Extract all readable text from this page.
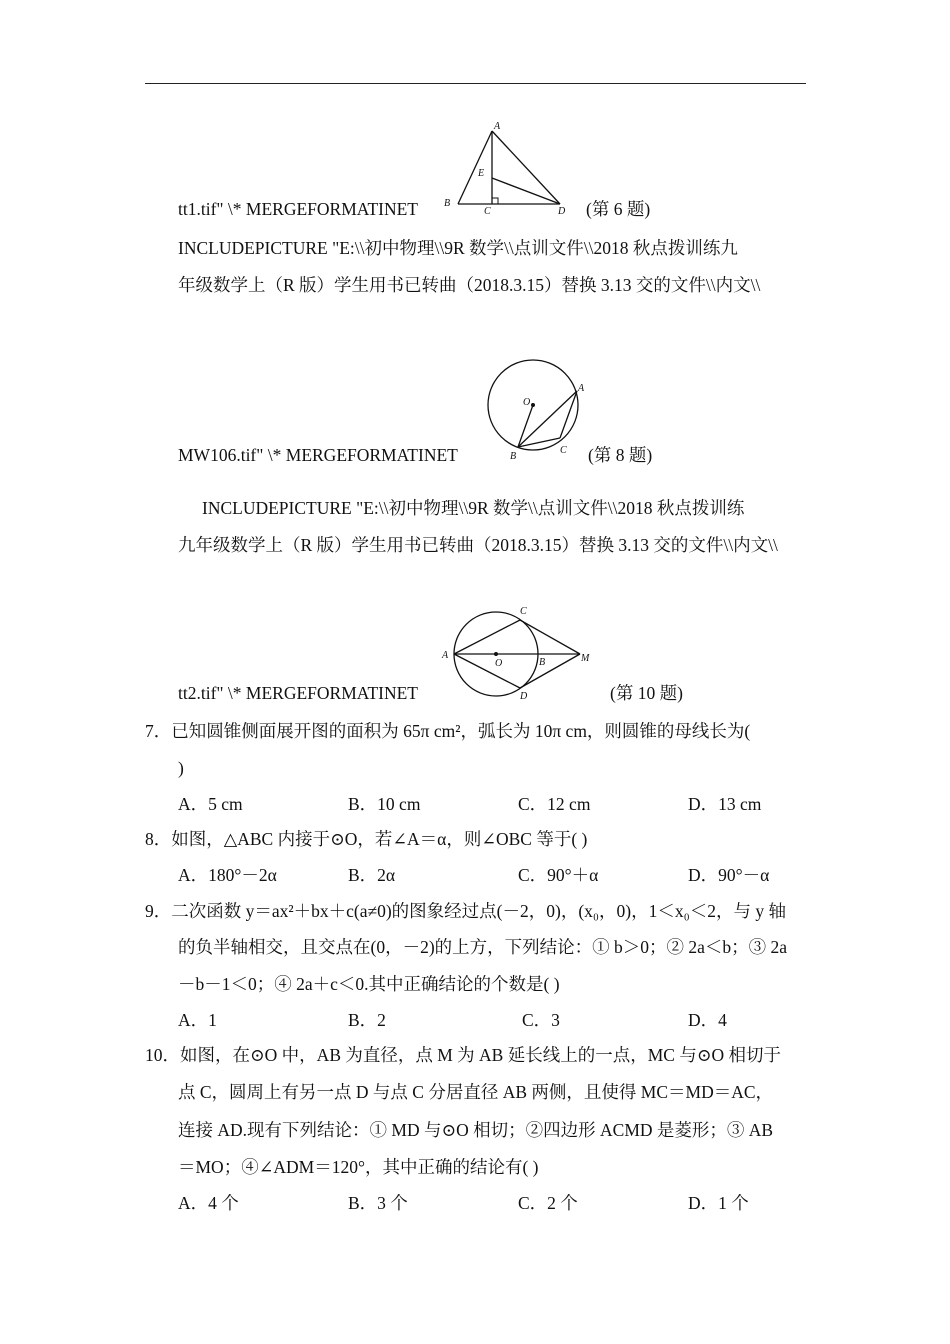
A
B
C	D
E
tt1.tif" \* MERGEFORMATINET	(第 6 题)
INCLUDEPICTURE "E:\\初中物理\\9R 数学\\点训文件\\2018 秋点拨训练九
年级数学上（R 版）学生用书已转曲（2018.3.15）替换 3.13 交的文件\\内文\\
O
A
B
C
MW106.tif" \* MERGEFORMATINET	(第 8 题)
INCLUDEPICTURE "E:\\初中物理\\9R 数学\\点训文件\\2018 秋点拨训练
九年级数学上（R 版）学生用书已转曲（2018.3.15）替换 3.13 交的文件\\内文\\
A
O	B	M
C
D
tt2.tif" \* MERGEFORMATINET	(第 10 题)
7．已知圆锥侧面展开图的面积为 65π cm²，弧长为 10π cm，则圆锥的母线长为(
)
A．5 cm	B．10 cm	C．12 cm	D．13 cm
8．如图，△ABC 内接于⊙O，若∠A＝α，则∠OBC 等于( )
A．180°－2α	B．2α	C．90°＋α	D．90°－α
9．二次函数 y＝ax²＋bx＋c(a≠0)的图象经过点(－2，0)，(x₀，0)，1＜x₀＜2，与 y 轴
的负半轴相交，且交点在(0，－2)的上方，下列结论：① b＞0；② 2a＜b；③ 2a
－b－1＜0；④ 2a＋c＜0.其中正确结论的个数是( )
A．1	B．2	C．3	D．4
10．如图，在⊙O 中，AB 为直径，点 M 为 AB 延长线上的一点，MC 与⊙O 相切于
点 C，圆周上有另一点 D 与点 C 分居直径 AB 两侧，且使得 MC＝MD＝AC，
连接 AD.现有下列结论：① MD 与⊙O 相切；②四边形 ACMD 是菱形；③ AB
＝MO；④∠ADM＝120°，其中正确的结论有( )
A．4 个	B．3 个	C．2 个	D．1 个
